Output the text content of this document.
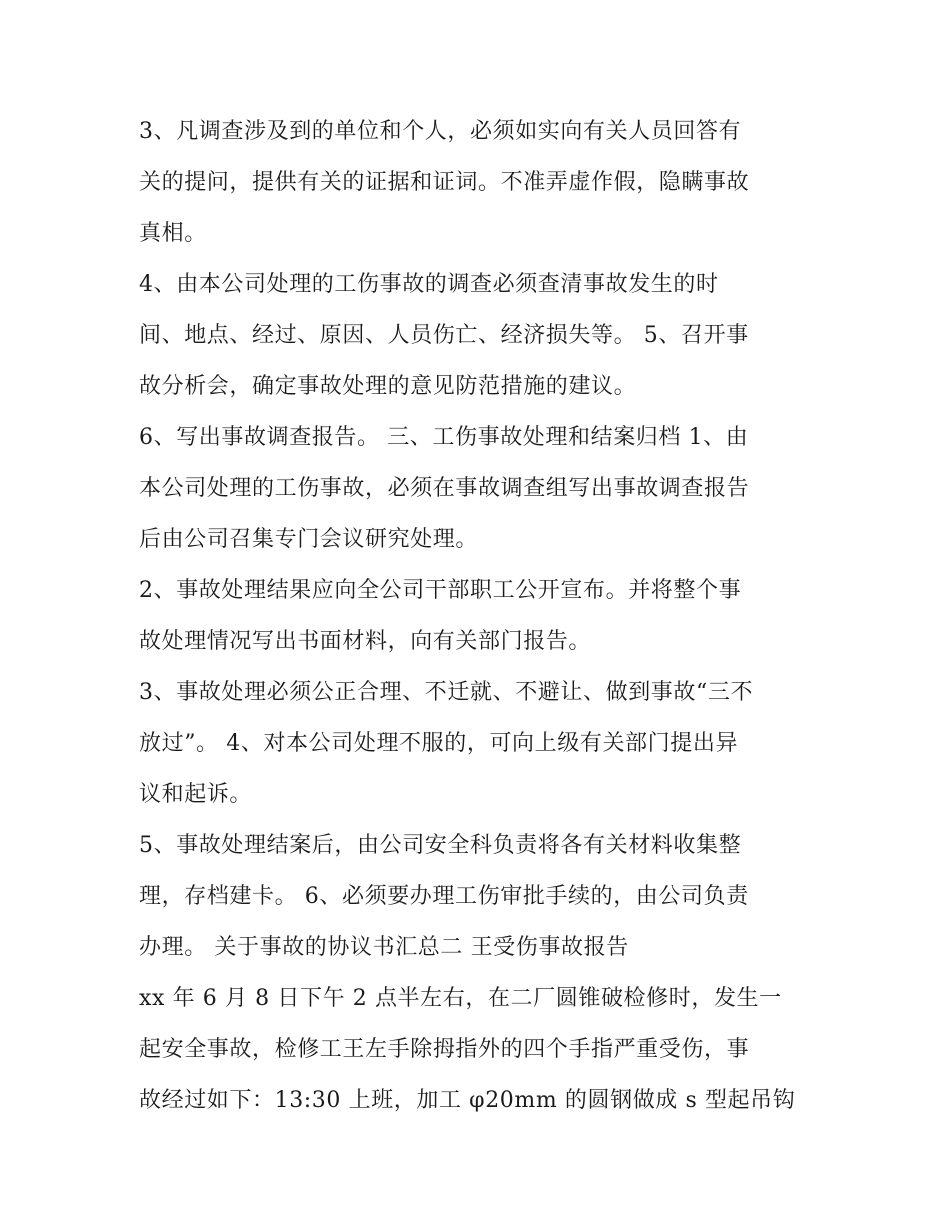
3、凡调查涉及到的单位和个人，必须如实向有关人员回答有
关的提问，提供有关的证据和证词。不准弄虚作假，隐瞒事故
真相。
4、由本公司处理的工伤事故的调查必须查清事故发生的时
间、地点、经过、原因、人员伤亡、经济损失等。 5、召开事
故分析会，确定事故处理的意见防范措施的建议。
6、写出事故调查报告。 三、工伤事故处理和结案归档 1、由
本公司处理的工伤事故，必须在事故调查组写出事故调查报告
后由公司召集专门会议研究处理。
2、事故处理结果应向全公司干部职工公开宣布。并将整个事
故处理情况写出书面材料，向有关部门报告。
3、事故处理必须公正合理、不迁就、不避让、做到事故“三不
放过”。 4、对本公司处理不服的，可向上级有关部门提出异
议和起诉。
5、事故处理结案后，由公司安全科负责将各有关材料收集整
理，存档建卡。 6、必须要办理工伤审批手续的，由公司负责
办理。 关于事故的协议书汇总二 王受伤事故报告
xx 年 6 月 8 日下午 2 点半左右，在二厂圆锥破检修时，发生一
起安全事故，检修工王左手除拇指外的四个手指严重受伤，事
故经过如下：13:30 上班，加工 φ20mm 的圆钢做成 s 型起吊钩
